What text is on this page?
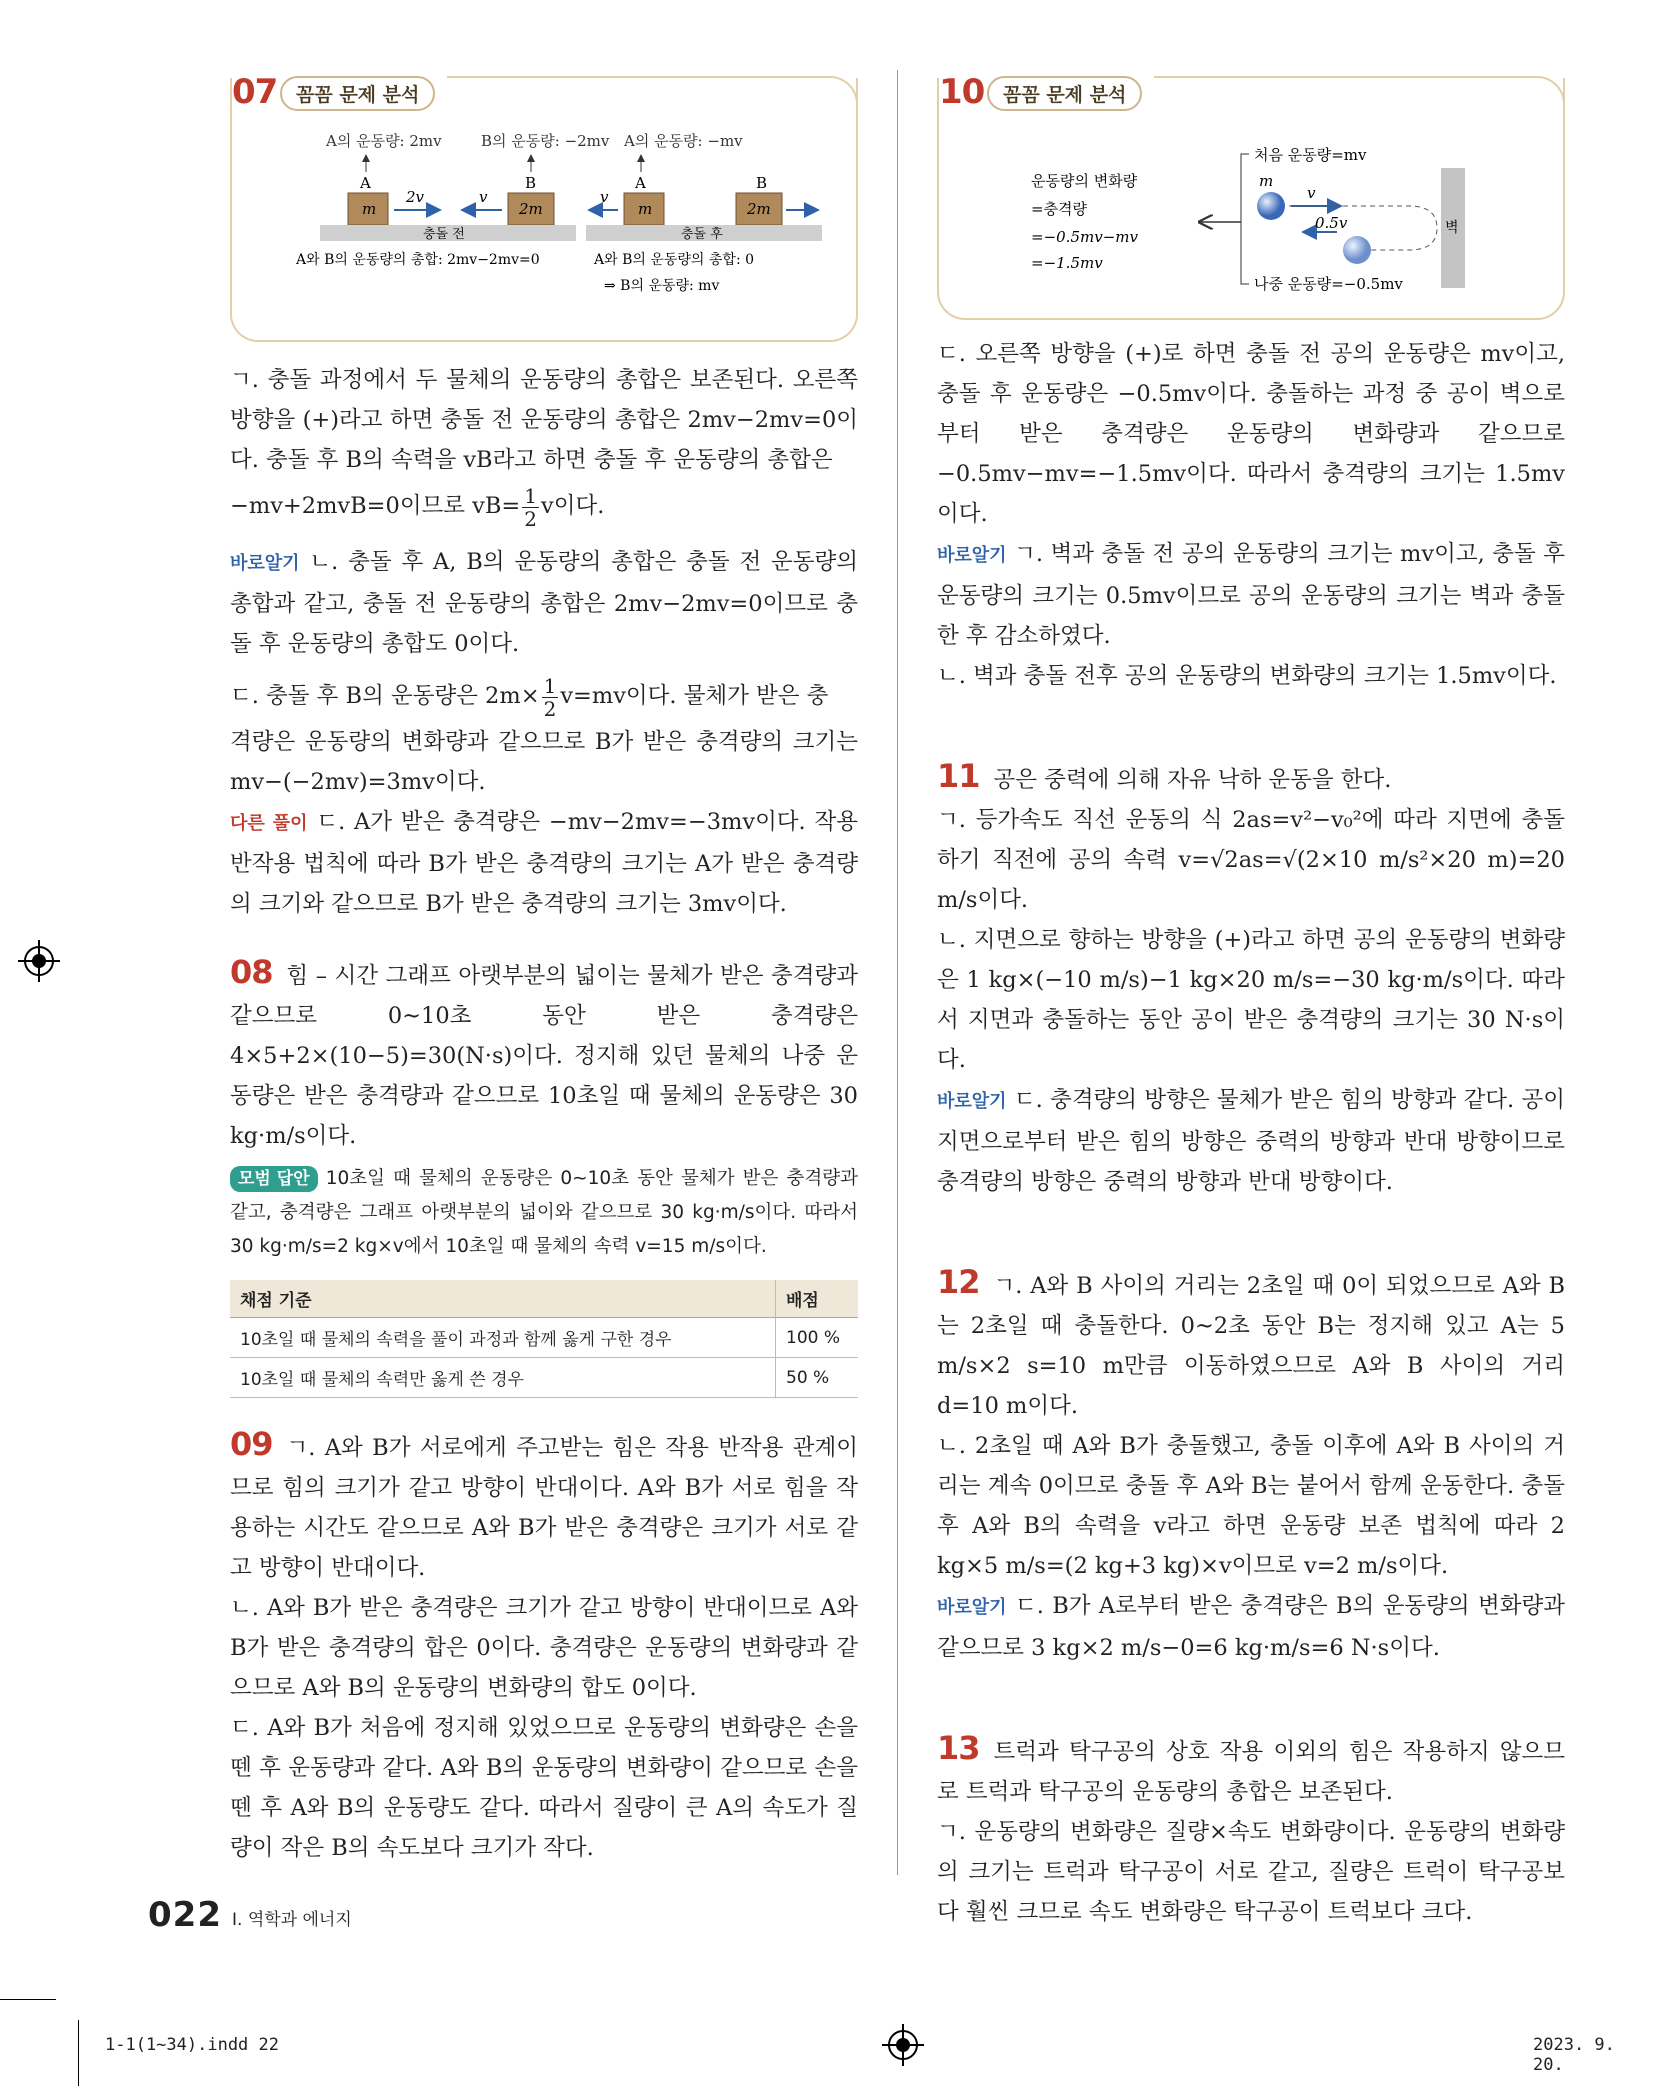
07 꼼꼼 문제 분석
A의 운동량: 2mv	B의 운동량: −2mv A의 운동량: −mv
A	B	A	B
m	2m
2v	v
충돌 전
m
v
2m
충돌 후
A와 B의 운동량의 총합: 2mv−2mv=0	A와 B의 운동량의 총합: 0
⇒ B의 운동량: mv

ㄱ. 충돌 과정에서 두 물체의 운동량의 총합은 보존된다. 오른쪽 방향을 (+)라고 하면 충돌 전 운동량의 총합은 2mv−2mv=0이다. 충돌 후 B의 속력을 vB라고 하면 충돌 후 운동량의 총합은

−mv+2mvB=0이므로 $vB= \frac{1}{2}$ v이다.

바로알기 ㄴ. 충돌 후 A, B의 운동량의 총합은 충돌 전 운동량의 총합과 같고, 충돌 전 운동량의 총합은 2mv−2mv=0이므로 충돌 후 운동량의 총합도 0이다.

ㄷ. 충돌 후 B의 운동량은 $2m\times \frac{1}{2} v=mv$이다. 물체가 받은 충

격량은 운동량의 변화량과 같으므로 B가 받은 충격량의 크기는 mv−(−2mv)=3mv이다.

다른 풀이 ㄷ. A가 받은 충격량은 −mv−2mv=−3mv이다. 작용 반작용 법칙에 따라 B가 받은 충격량의 크기는 A가 받은 충격량의 크기와 같으므로 B가 받은 충격량의 크기는 3mv이다.

08 힘 – 시간 그래프 아랫부분의 넓이는 물체가 받은 충격량과 같으므로 0∼10초 동안 받은 충격량은 4×5+2×(10−5)=30(N·s)이다. 정지해 있던 물체의 나중 운동량은 받은 충격량과 같으므로 10초일 때 물체의 운동량은 30 kg·m/s이다.

모범 답안 10초일 때 물체의 운동량은 0∼10초 동안 물체가 받은 충격량과 같고, 충격량은 그래프 아랫부분의 넓이와 같으므로 30 kg·m/s이다. 따라서 30 kg·m/s=2 kg×v에서 10초일 때 물체의 속력 v=15 m/s이다.

채점 기준	배점
10초일 때 물체의 속력을 풀이 과정과 함께 옳게 구한 경우	100 %
10초일 때 물체의 속력만 옳게 쓴 경우	50 %

09 ㄱ. A와 B가 서로에게 주고받는 힘은 작용 반작용 관계이므로 힘의 크기가 같고 방향이 반대이다. A와 B가 서로 힘을 작용하는 시간도 같으므로 A와 B가 받은 충격량은 크기가 서로 같고 방향이 반대이다.

ㄴ. A와 B가 받은 충격량은 크기가 같고 방향이 반대이므로 A와 B가 받은 충격량의 합은 0이다. 충격량은 운동량의 변화량과 같으므로 A와 B의 운동량의 변화량의 합도 0이다.

ㄷ. A와 B가 처음에 정지해 있었으므로 운동량의 변화량은 손을 뗀 후 운동량과 같다. A와 B의 운동량의 변화량이 같으므로 손을 뗀 후 A와 B의 운동량도 같다. 따라서 질량이 큰 A의 속도가 질량이 작은 B의 속도보다 크기가 작다.

10 꼼꼼 문제 분석
운동량의 변화량
=충격량
=−0.5mv−mv
=−1.5mv
처음 운동량=mv
나중 운동량=−0.5mv
m
v
0.5v	벽

ㄷ. 오른쪽 방향을 (+)로 하면 충돌 전 공의 운동량은 mv이고, 충돌 후 운동량은 −0.5mv이다. 충돌하는 과정 중 공이 벽으로부터 받은 충격량은 운동량의 변화량과 같으므로 −0.5mv−mv=−1.5mv이다. 따라서 충격량의 크기는 1.5mv이다.

바로알기 ㄱ. 벽과 충돌 전 공의 운동량의 크기는 mv이고, 충돌 후 운동량의 크기는 0.5mv이므로 공의 운동량의 크기는 벽과 충돌한 후 감소하였다.

ㄴ. 벽과 충돌 전후 공의 운동량의 변화량의 크기는 1.5mv이다.

11 공은 중력에 의해 자유 낙하 운동을 한다.

ㄱ. 등가속도 직선 운동의 식 2as=v²−v₀²에 따라 지면에 충돌하기 직전에 공의 속력 v=√2as=√(2×10 m/s²×20 m)=20 m/s이다.

ㄴ. 지면으로 향하는 방향을 (+)라고 하면 공의 운동량의 변화량은 1 kg×(−10 m/s)−1 kg×20 m/s=−30 kg·m/s이다. 따라서 지면과 충돌하는 동안 공이 받은 충격량의 크기는 30 N·s이다.

바로알기 ㄷ. 충격량의 방향은 물체가 받은 힘의 방향과 같다. 공이 지면으로부터 받은 힘의 방향은 중력의 방향과 반대 방향이므로 충격량의 방향은 중력의 방향과 반대 방향이다.

12 ㄱ. A와 B 사이의 거리는 2초일 때 0이 되었으므로 A와 B는 2초일 때 충돌한다. 0∼2초 동안 B는 정지해 있고 A는 5 m/s×2 s=10 m만큼 이동하였으므로 A와 B 사이의 거리 d=10 m이다.

ㄴ. 2초일 때 A와 B가 충돌했고, 충돌 이후에 A와 B 사이의 거리는 계속 0이므로 충돌 후 A와 B는 붙어서 함께 운동한다. 충돌 후 A와 B의 속력을 v라고 하면 운동량 보존 법칙에 따라 2 kg×5 m/s=(2 kg+3 kg)×v이므로 v=2 m/s이다.

바로알기 ㄷ. B가 A로부터 받은 충격량은 B의 운동량의 변화량과 같으므로 3 kg×2 m/s−0=6 kg·m/s=6 N·s이다.

13 트럭과 탁구공의 상호 작용 이외의 힘은 작용하지 않으므로 트럭과 탁구공의 운동량의 총합은 보존된다.

ㄱ. 운동량의 변화량은 질량×속도 변화량이다. 운동량의 변화량의 크기는 트럭과 탁구공이 서로 같고, 질량은 트럭이 탁구공보다 훨씬 크므로 속도 변화량은 탁구공이 트럭보다 크다.

022 Ⅰ. 역학과 에너지
1-1(1~34).indd 22	2023. 9. 20.
